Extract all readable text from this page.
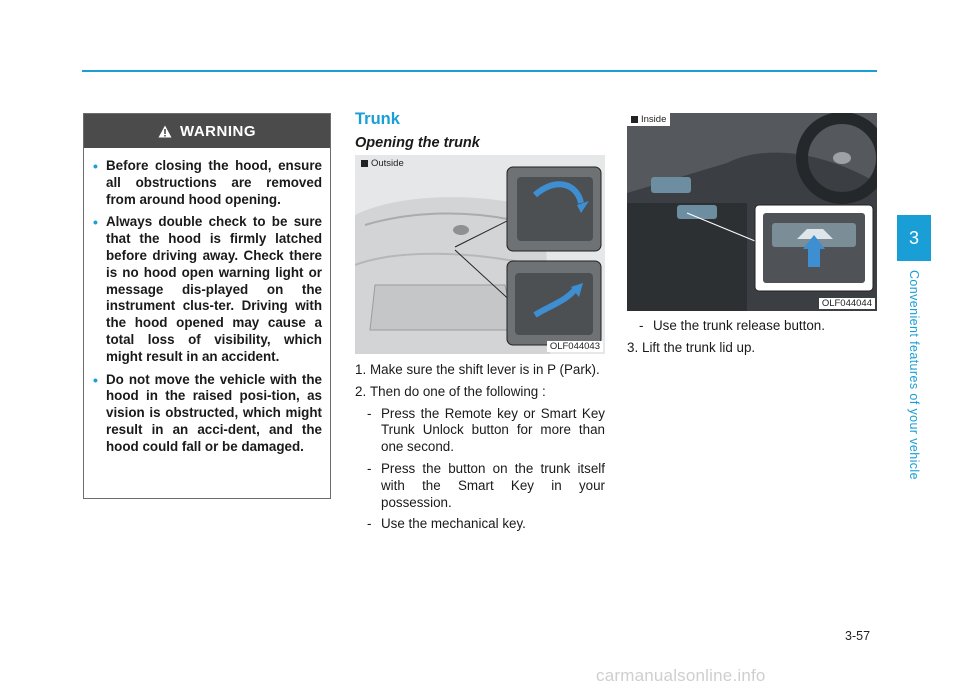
WARNING
• Before closing the hood, ensure all obstructions are removed from around hood opening.
• Always double check to be sure that the hood is firmly latched before driving away. Check there is no hood open warning light or message dis-played on the instrument clus-ter. Driving with the hood opened may cause a total loss of visibility, which might result in an accident.
• Do not move the vehicle with the hood in the raised posi-tion, as vision is obstructed, which might result in an acci-dent, and the hood could fall or be damaged.
Trunk
Opening the trunk
Outside
OLF044043
1. Make sure the shift lever is in P (Park).
2. Then do one of the following :
- Press the Remote key or Smart Key Trunk Unlock button for more than one second.
- Press the button on the trunk itself with the Smart Key in your possession.
- Use the mechanical key.
Inside
OLF044044
- Use the trunk release button.
3. Lift the trunk lid up.
3
Convenient features of your vehicle
3-57
carmanualsonline.info
